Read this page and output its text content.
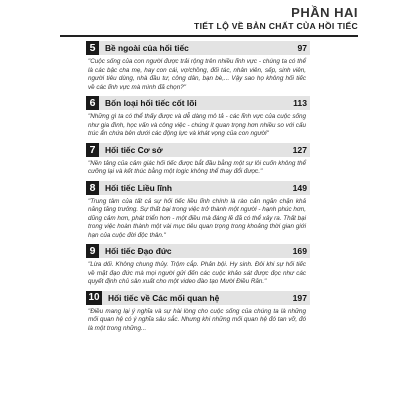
PHẦN HAI
TIẾT LỘ VỀ BẢN CHẤT CỦA HỒI TIẾC
5	Bề ngoài của hối tiếc	97
"Cuộc sống của con người được trải rộng trên nhiều lĩnh vực - chúng ta có thể là các bậc cha mẹ, hay con cái, vợ/chồng, đối tác, nhân viên, sếp, sinh viên, người tiêu dùng, nhà đầu tư, công dân, bạn bè,... Vậy sao họ không hối tiếc về các lĩnh vực mà mình đã chọn?"
6	Bốn loại hối tiếc cốt lõi	113
"Những gì ta có thể thấy được và dễ dàng mô tả - các lĩnh vực của cuộc sống như gia đình, học vấn và công việc - chúng ít quan trọng hơn nhiều so với cấu trúc ẩn chứa bên dưới các động lực và khát vọng của con người"
7	Hối tiếc Cơ sở	127
"Nền tảng của cảm giác hối tiếc được bắt đầu bằng một sự lôi cuốn không thể cưỡng lại và kết thúc bằng một logic không thể thay đổi được."
8	Hối tiếc Liều lĩnh	149
"Trung tâm của tất cả sự hối tiếc liều lĩnh chính là rào cản ngăn chặn khả năng tăng trưởng. Sự thất bại trong việc trở thành một người - hạnh phúc hơn, dũng cảm hơn, phát triển hơn - một điều mà đáng lẽ đã có thể xảy ra. Thất bại trong việc hoàn thành một vài mục tiêu quan trọng trong khoảng thời gian giới hạn của cuộc đời độc thân."
9	Hối tiếc Đạo đức	169
"Lừa dối. Không chung thủy. Trộm cắp. Phản bội. Hy sinh. Đôi khi sự hối tiếc về mặt đạo đức mà mọi người gửi đến các cuộc khảo sát được đọc như các quyết định chủ sân xuất cho một video đào tạo Mười Điều Răn."
10 Hối tiếc về Các mối quan hệ	197
"Điều mang lại ý nghĩa và sự hài lòng cho cuộc sống của chúng ta là những mối quan hệ có ý nghĩa sâu sắc. Nhưng khi những mối quan hệ đó tan vỡ, đó là một trong những...
